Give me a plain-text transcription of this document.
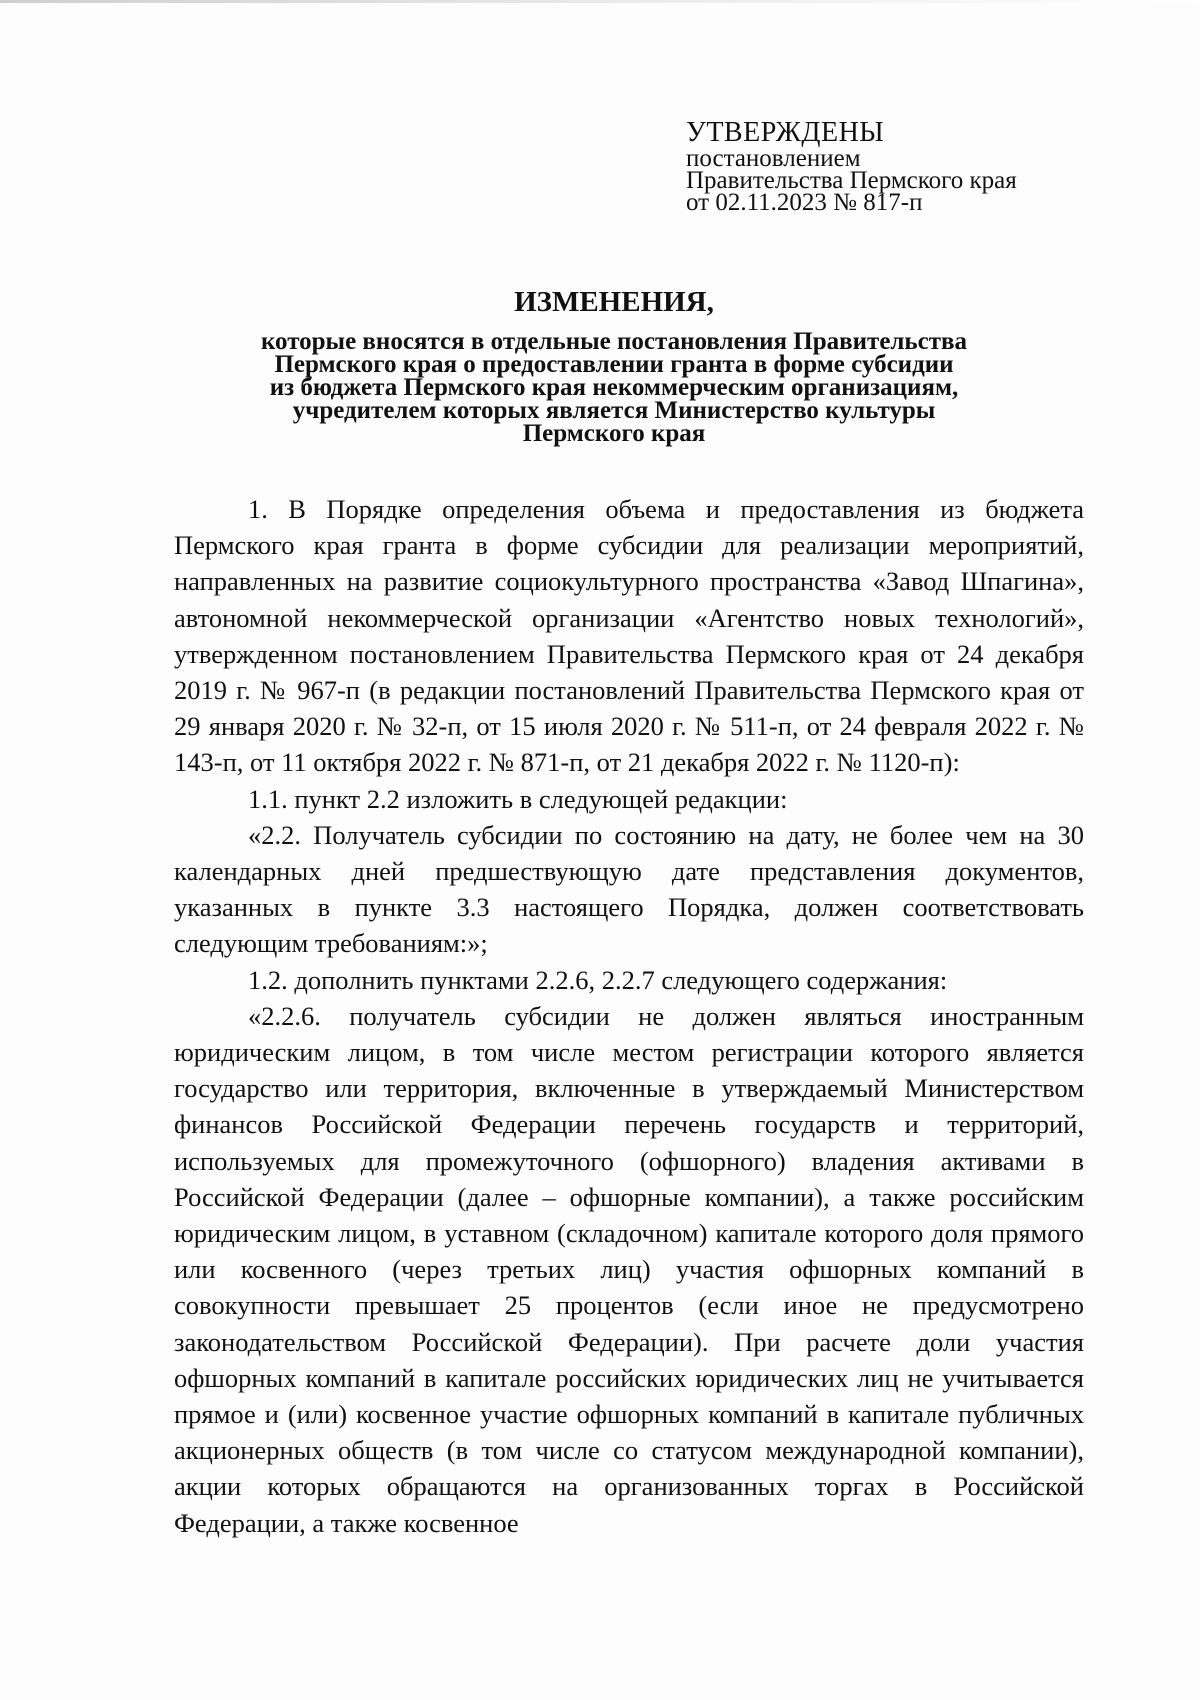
УТВЕРЖДЕНЫ

постановлением

Правительства Пермского края

от 02.11.2023 № 817-п

ИЗМЕНЕНИЯ,

которые вносятся в отдельные постановления Правительства
Пермского края о предоставлении гранта в форме субсидии
из бюджета Пермского края некоммерческим организациям,
учредителем которых является Министерство культуры
Пермского края

1. В Порядке определения объема и предоставления из бюджета Пермского края гранта в форме субсидии для реализации мероприятий, направленных на развитие социокультурного пространства «Завод Шпагина», автономной некоммерческой организации «Агентство новых технологий», утвержденном постановлением Правительства Пермского края от 24 декабря 2019 г. № 967-п (в редакции постановлений Правительства Пермского края от 29 января 2020 г. № 32-п, от 15 июля 2020 г. № 511-п, от 24 февраля 2022 г. № 143-п, от 11 октября 2022 г. № 871-п, от 21 декабря 2022 г. № 1120-п):

1.1. пункт 2.2 изложить в следующей редакции:

«2.2. Получатель субсидии по состоянию на дату, не более чем на 30 календарных дней предшествующую дате представления документов, указанных в пункте 3.3 настоящего Порядка, должен соответствовать следующим требованиям:»;

1.2. дополнить пунктами 2.2.6, 2.2.7 следующего содержания:

«2.2.6. получатель субсидии не должен являться иностранным юридическим лицом, в том числе местом регистрации которого является государство или территория, включенные в утверждаемый Министерством финансов Российской Федерации перечень государств и территорий, используемых для промежуточного (офшорного) владения активами в Российской Федерации (далее – офшорные компании), а также российским юридическим лицом, в уставном (складочном) капитале которого доля прямого или косвенного (через третьих лиц) участия офшорных компаний в совокупности превышает 25 процентов (если иное не предусмотрено законодательством Российской Федерации). При расчете доли участия офшорных компаний в капитале российских юридических лиц не учитывается прямое и (или) косвенное участие офшорных компаний в капитале публичных акционерных обществ (в том числе со статусом международной компании), акции которых обращаются на организованных торгах в Российской Федерации, а также косвенное
